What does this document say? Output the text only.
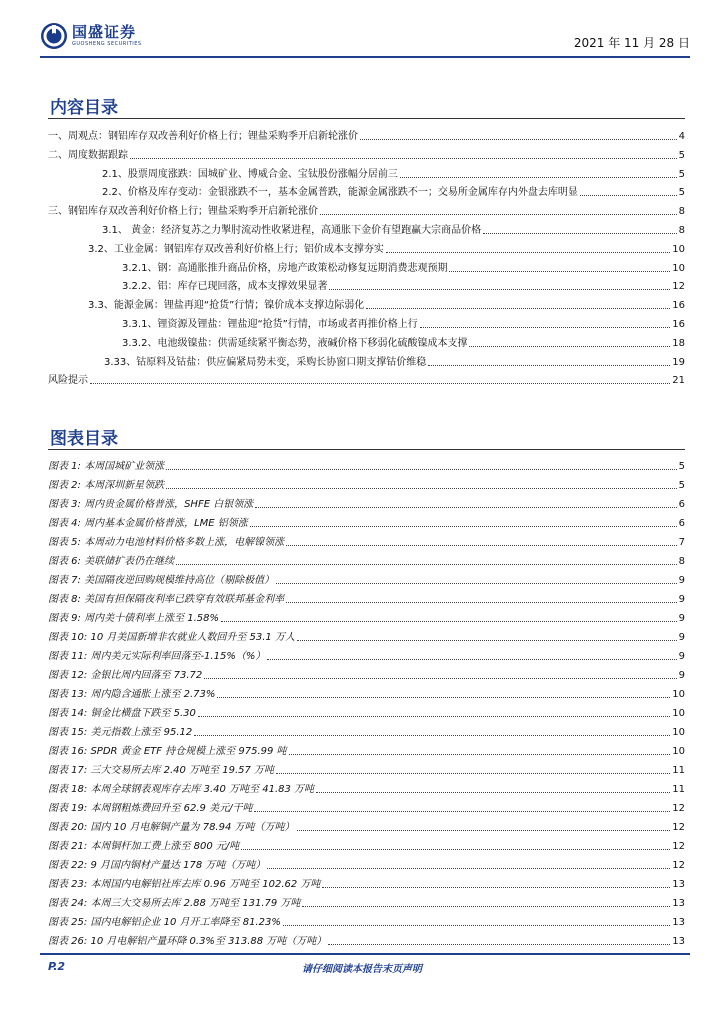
国盛证券
GUOSHENG SECURITIES	2021 年 11 月 28 日
内容目录
一、周观点：钢铝库存双改善利好价格上行；锂盐采购季开启新轮涨价	4
二、周度数据跟踪	5
2.1、股票周度涨跌：国城矿业、博威合金、宝钛股份涨幅分居前三	5
2.2、价格及库存变动：金银涨跌不一，基本金属普跌，能源金属涨跌不一；交易所金属库存内外盘去库明显	5
三、钢铝库存双改善利好价格上行；锂盐采购季开启新轮涨价	8
3.1、 黄金：经济复苏之力掣肘流动性收紧进程，高通胀下金价有望跑赢大宗商品价格	8
3.2、工业金属：钢铝库存双改善利好价格上行；铝价成本支撑夯实	10
3.2.1、钢：高通胀推升商品价格，房地产政策松动修复远期消费悲观预期	10
3.2.2、铝：库存已现回落，成本支撑效果显著	12
3.3、能源金属：锂盐再迎“抢货”行情；镍价成本支撑边际弱化	16
3.3.1、锂资源及锂盐：锂盐迎“抢货”行情，市场或者再推价格上行	16
3.3.2、电池级镍盐：供需延续紧平衡态势，液碱价格下移弱化硫酸镍成本支撑	18
3.33、钴原料及钴盐：供应偏紧局势未变，采购长协窗口期支撑钴价维稳	19
风险提示	21
图表目录
图表 1: 本周国城矿业领涨	5
图表 2: 本周深圳新星领跌	5
图表 3: 周内贵金属价格普涨，SHFE 白银领涨	6
图表 4: 周内基本金属价格普涨，LME 铝领涨	6
图表 5: 本周动力电池材料价格多数上涨，电解镍领涨	7
图表 6: 美联储扩表仍在继续	8
图表 7: 美国隔夜逆回购规模维持高位（剔除极值）	9
图表 8: 美国有担保隔夜利率已跌穿有效联邦基金利率	9
图表 9: 周内美十债利率上涨至 1.58%	9
图表 10: 10 月美国新增非农就业人数回升至 53.1 万人	9
图表 11: 周内美元实际利率回落至-1.15%（%）	9
图表 12: 金银比周内回落至 73.72	9
图表 13: 周内隐含通胀上涨至 2.73%	10
图表 14: 铜金比横盘下跌至 5.30	10
图表 15: 美元指数上涨至 95.12	10
图表 16: SPDR 黄金 ETF 持仓规模上涨至 975.99 吨	10
图表 17: 三大交易所去库 2.40 万吨至 19.57 万吨	11
图表 18: 本周全球钢表观库存去库 3.40 万吨至 41.83 万吨	11
图表 19: 本周钢粗炼费回升至 62.9 美元/干吨	12
图表 20: 国内 10 月电解铜产量为 78.94 万吨（万吨）	12
图表 21: 本周铜杆加工费上涨至 800 元/吨	12
图表 22: 9 月国内铜材产量达 178 万吨（万吨）	12
图表 23: 本周国内电解铝社库去库 0.96 万吨至 102.62 万吨	13
图表 24: 本周三大交易所去库 2.88 万吨至 131.79 万吨	13
图表 25: 国内电解铝企业 10 月开工率降至 81.23%	13
图表 26: 10 月电解铝产量环降 0.3%至 313.88 万吨（万吨）	13
P.2	请仔细阅读本报告末页声明
